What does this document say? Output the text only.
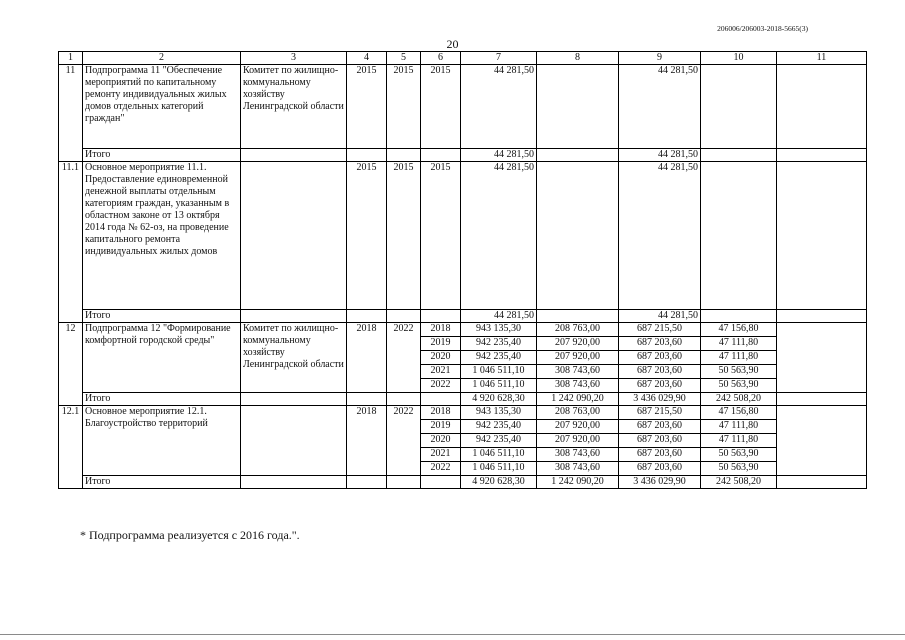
206006/206003-2018-5665(3)
20
1	2	3	4	5	6	7	8	9	10	11
11	Подпрограмма 11 "Обеспечение мероприятий по капитальному ремонту индивидуальных жилых домов отдельных категорий граждан"	Комитет по жилищно-коммунальному хозяйству Ленинградской области	2015	2015	2015	44 281,50		44 281,50		
	Итого					44 281,50		44 281,50		
11.1	Основное мероприятие 11.1. Предоставление единовременной денежной выплаты отдельным категориям граждан, указанным в областном законе от 13 октября 2014 года № 62-оз, на проведение капитального ремонта индивидуальных жилых домов		2015	2015	2015	44 281,50		44 281,50		
	Итого					44 281,50		44 281,50		
12	Подпрограмма 12 "Формирование комфортной городской среды"	Комитет по жилищно-коммунальному хозяйству Ленинградской области	2018	2022	2018	943 135,30	208 763,00	687 215,50	47 156,80	
					2019	942 235,40	207 920,00	687 203,60	47 111,80	
					2020	942 235,40	207 920,00	687 203,60	47 111,80	
					2021	1 046 511,10	308 743,60	687 203,60	50 563,90	
					2022	1 046 511,10	308 743,60	687 203,60	50 563,90	
	Итого					4 920 628,30	1 242 090,20	3 436 029,90	242 508,20	
12.1	Основное мероприятие 12.1. Благоустройство территорий		2018	2022	2018	943 135,30	208 763,00	687 215,50	47 156,80	
					2019	942 235,40	207 920,00	687 203,60	47 111,80	
					2020	942 235,40	207 920,00	687 203,60	47 111,80	
					2021	1 046 511,10	308 743,60	687 203,60	50 563,90	
					2022	1 046 511,10	308 743,60	687 203,60	50 563,90	
	Итого					4 920 628,30	1 242 090,20	3 436 029,90	242 508,20	
* Подпрограмма реализуется с 2016 года.".
